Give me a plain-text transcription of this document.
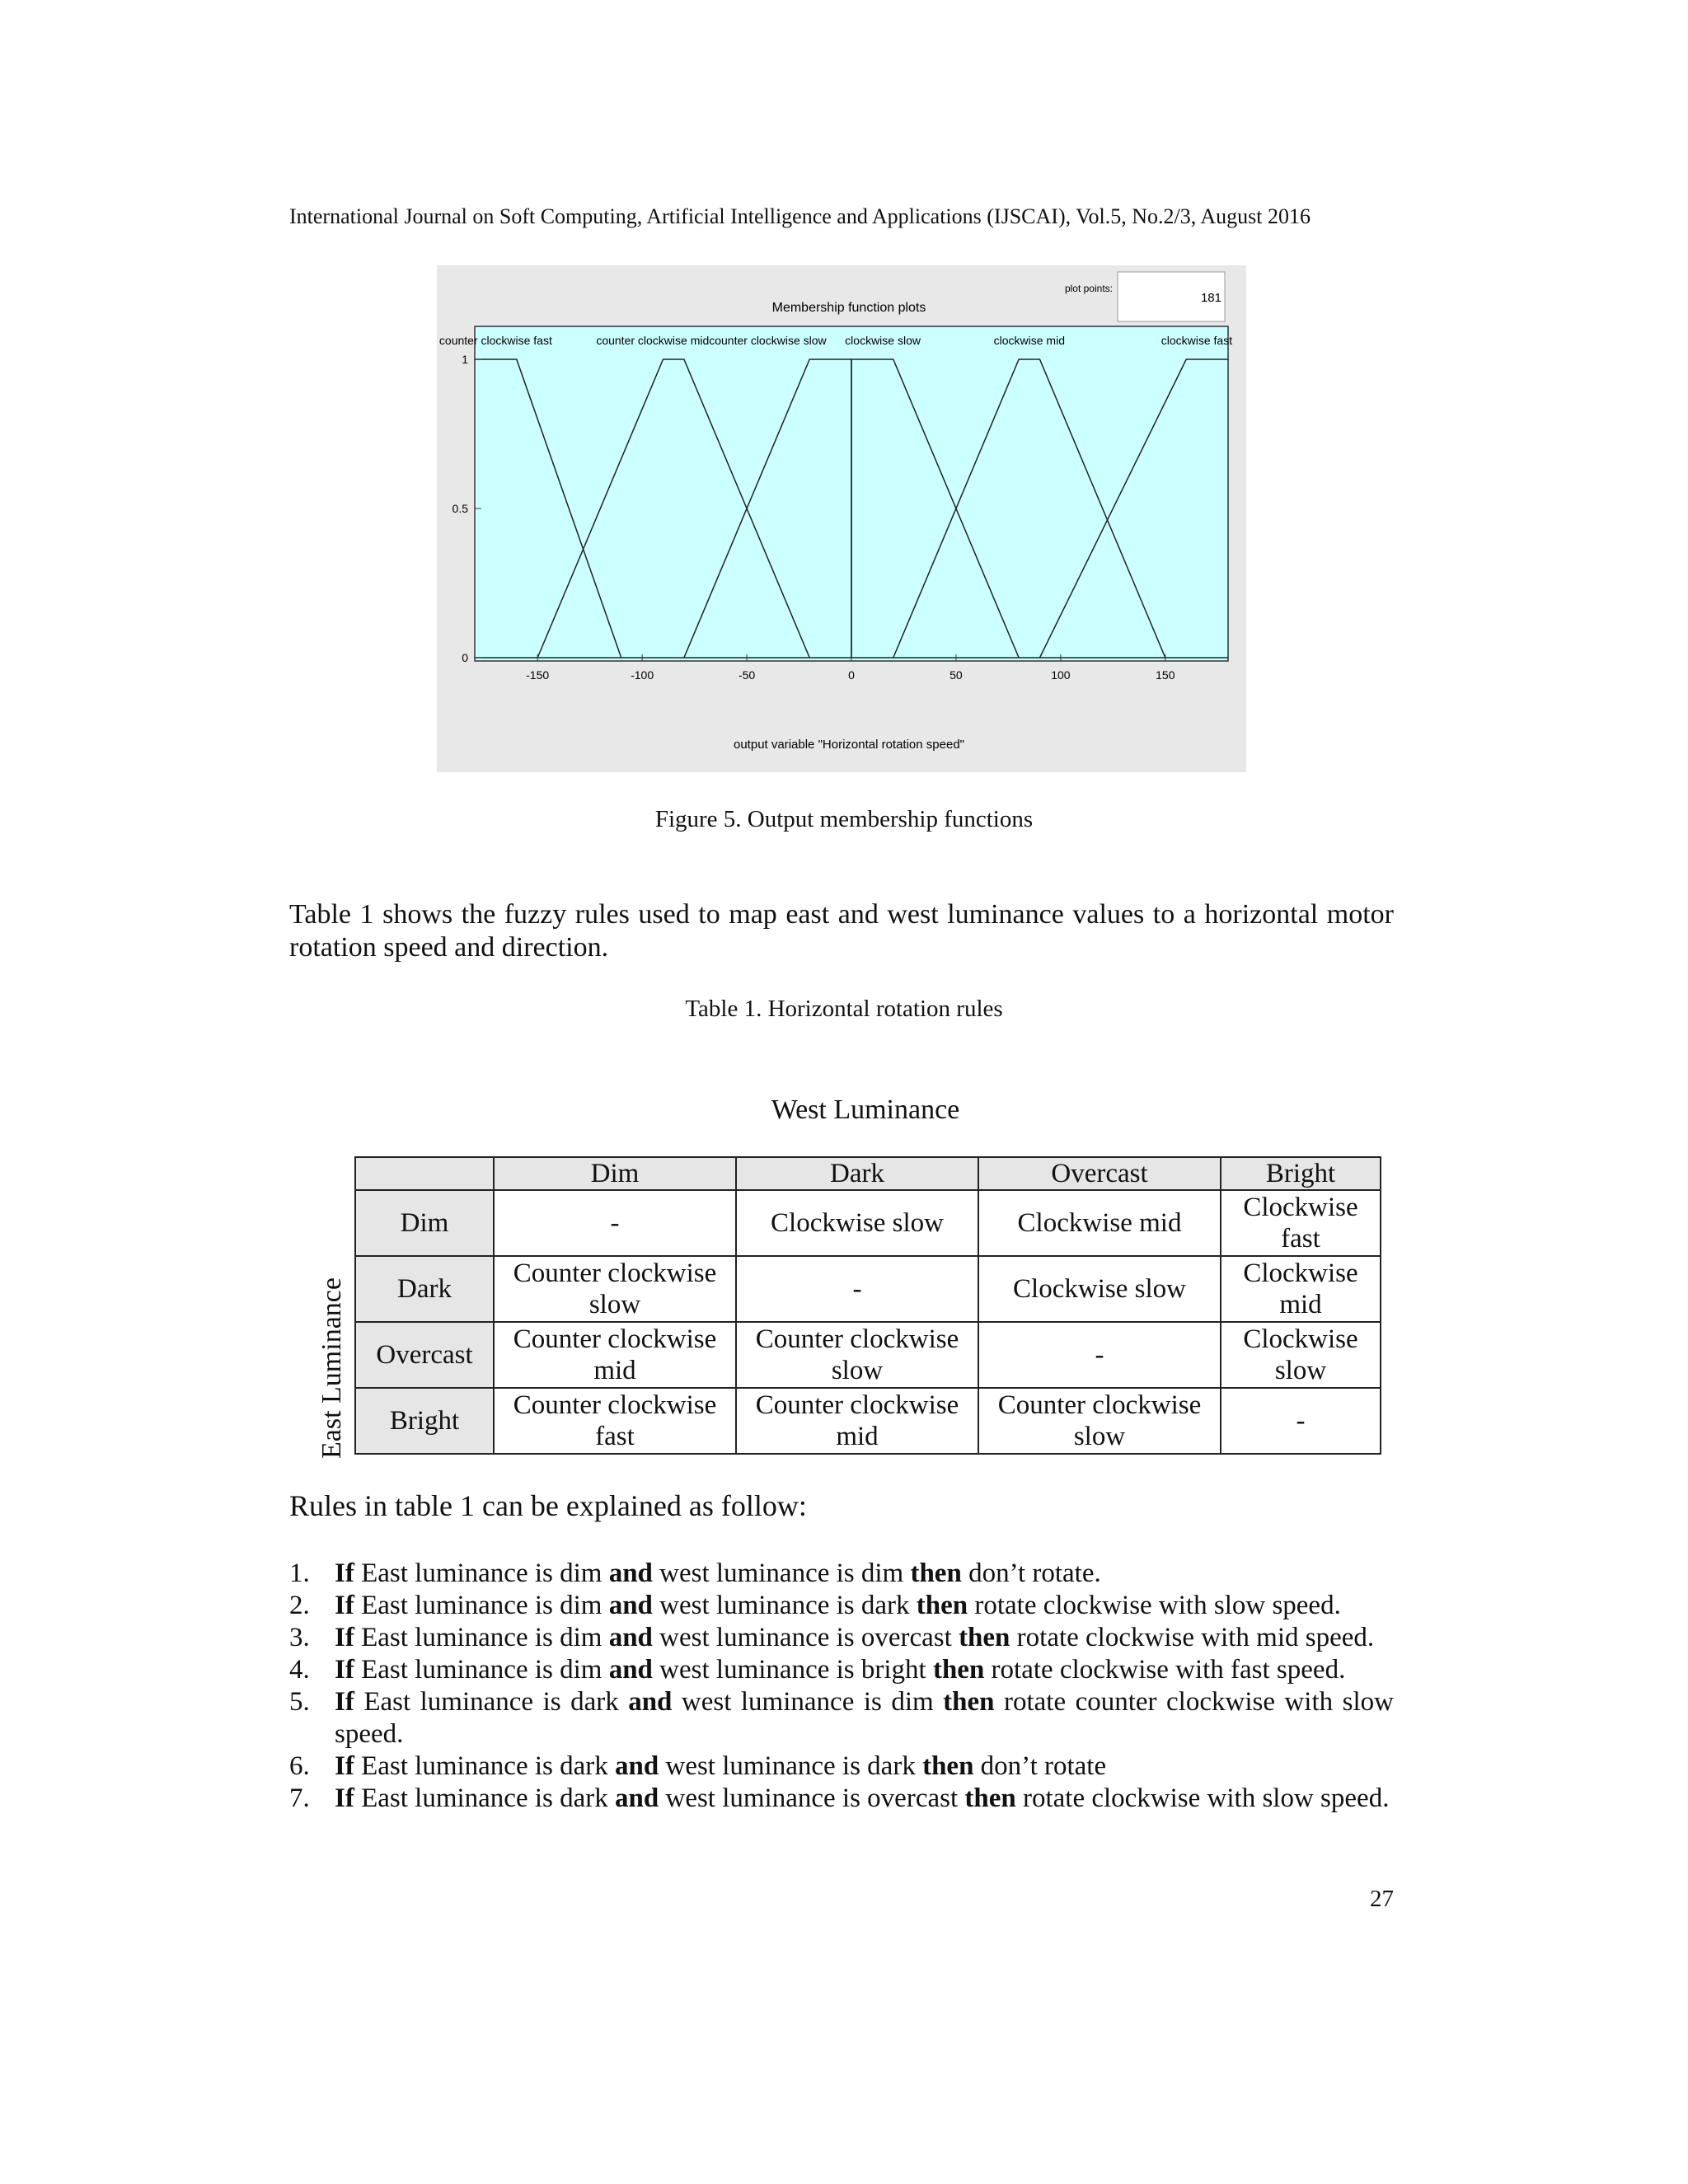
International Journal on Soft Computing, Artificial Intelligence and Applications (IJSCAI), Vol.5, No.2/3, August 2016
Membership function plots
plot points:
181
counter clockwise fast	counter clockwise mid counter clockwise slow clockwise slow	clockwise mid	clockwise fast
-150	-100	-50	0	50	100	150
1
0.5
0
output variable "Horizontal rotation speed"
Figure 5. Output membership functions
Table 1 shows the fuzzy rules used to map east and west luminance values to a horizontal motor rotation speed and direction.
Table 1. Horizontal rotation rules
West Luminance
East Luminance
	Dim	Dark	Overcast	Bright
Dim	-	Clockwise slow	Clockwise mid	Clockwise fast
Dark	Counter clockwise slow	-	Clockwise slow	Clockwise mid
Overcast	Counter clockwise mid	Counter clockwise slow	-	Clockwise slow
Bright	Counter clockwise fast	Counter clockwise mid	Counter clockwise slow	-
Rules in table 1 can be explained as follow:
1. If East luminance is dim and west luminance is dim then don’t rotate.
2. If East luminance is dim and west luminance is dark then rotate clockwise with slow speed.
3. If East luminance is dim and west luminance is overcast then rotate clockwise with mid speed.
4. If East luminance is dim and west luminance is bright then rotate clockwise with fast speed.
5. If East luminance is dark and west luminance is dim then rotate counter clockwise with slow speed.
6. If East luminance is dark and west luminance is dark then don’t rotate
7. If East luminance is dark and west luminance is overcast then rotate clockwise with slow speed.
27
